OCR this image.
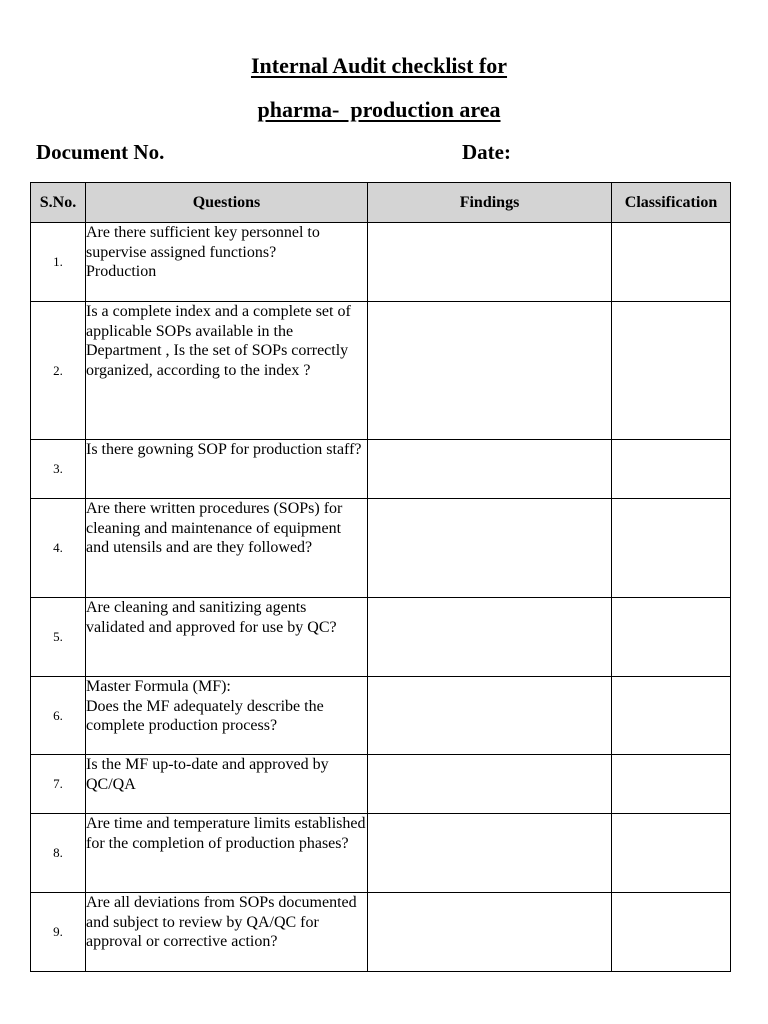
Internal Audit checklist for
pharma-  production area
Document No.	Date:
S.No.	Questions	Findings	Classification
1.	Are there sufficient key personnel to supervise assigned functions?
Production		
2.	Is a complete index and a complete set of applicable SOPs available in the
Department , Is the set of SOPs correctly organized, according to the index ?		
3.	Is there gowning SOP for production staff?		
4.	Are there written procedures (SOPs) for cleaning and maintenance of equipment and utensils and are they followed?		
5.	Are cleaning and sanitizing agents validated and approved for use by QC?		
6.	Master Formula (MF):
Does the MF adequately describe the complete production process?		
7.	Is the MF up-to-date and approved by QC/QA		
8.	Are time and temperature limits established for the completion of production phases?		
9.	Are all deviations from SOPs documented and subject to review by QA/QC for approval or corrective action?		
